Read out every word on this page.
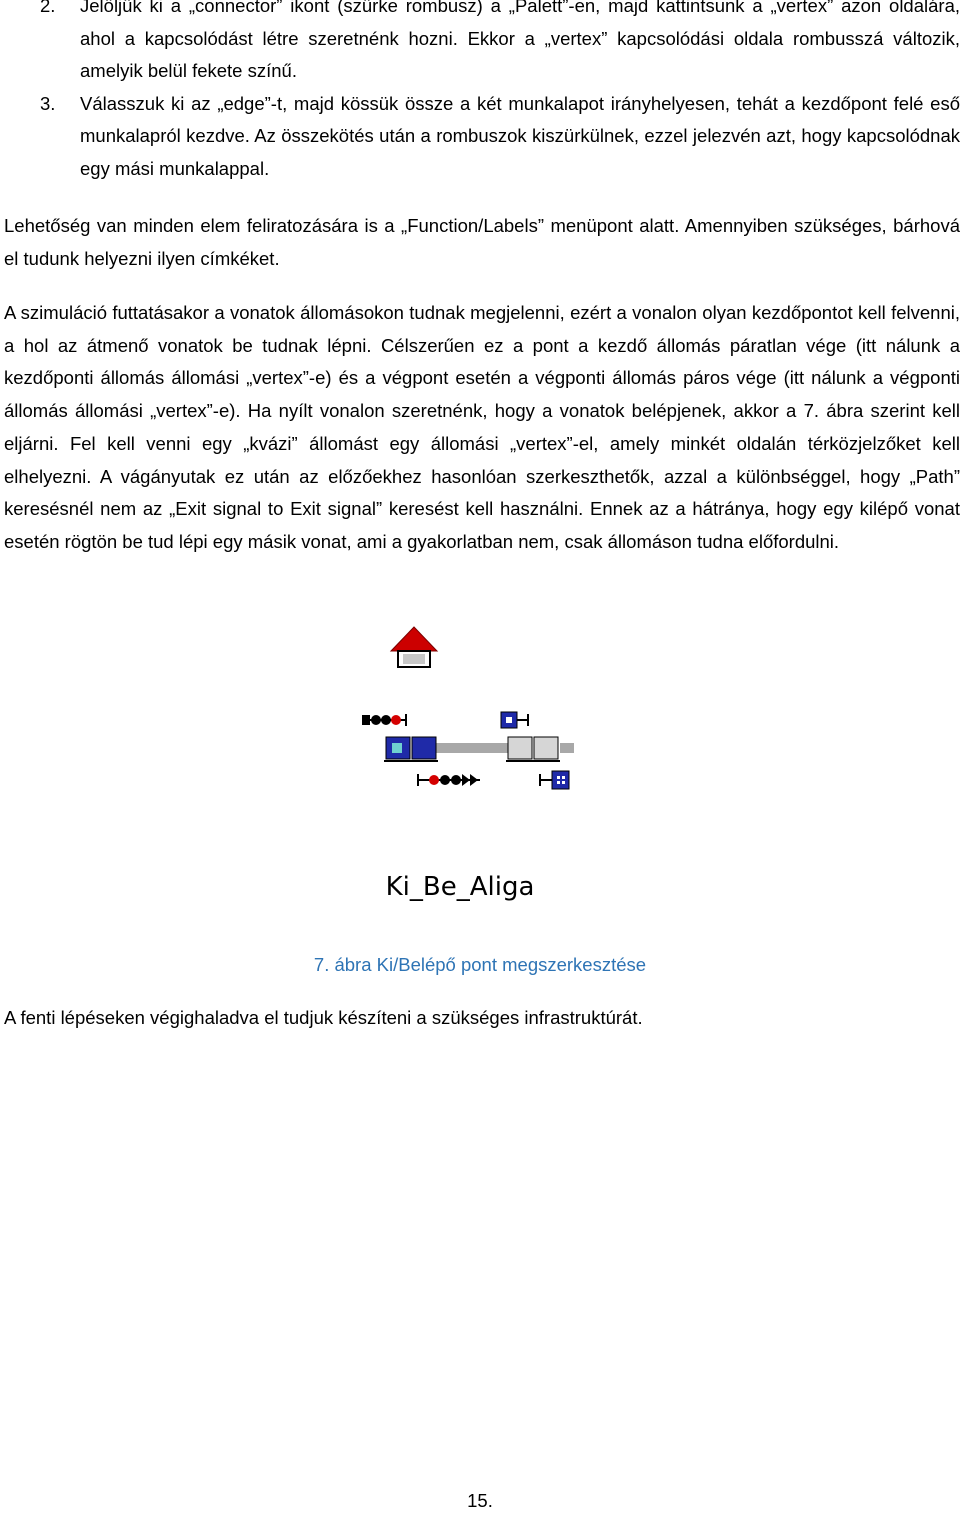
2. Jelöljük ki a „connector” ikont (szürke rombusz) a „Palett”-en, majd kattintsunk a „vertex” azon oldalára, ahol a kapcsolódást létre szeretnénk hozni. Ekkor a „vertex” kapcsolódási oldala rombusszá változik, amelyik belül fekete színű.
3. Válasszuk ki az „edge”-t, majd kössük össze a két munkalapot irányhelyesen, tehát a kezdőpont felé eső munkalapról kezdve. Az összekötés után a rombuszok kiszürkülnek, ezzel jelezvén azt, hogy kapcsolódnak egy mási munkalappal.

Lehetőség van minden elem feliratozására is a „Function/Labels” menüpont alatt. Amennyiben szükséges, bárhová el tudunk helyezni ilyen címkéket.

A szimuláció futtatásakor a vonatok állomásokon tudnak megjelenni, ezért a vonalon olyan kezdőpontot kell felvenni, a hol az átmenő vonatok be tudnak lépni. Célszerűen ez a pont a kezdő állomás páratlan vége (itt nálunk a kezdőponti állomás állomási „vertex”-e) és a végpont esetén a végponti állomás páros vége (itt nálunk a végponti állomás állomási „vertex”-e). Ha nyílt vonalon szeretnénk, hogy a vonatok belépjenek, akkor a 7. ábra szerint kell eljárni. Fel kell venni egy „kvázi” állomást egy állomási „vertex”-el, amely minkét oldalán térközjelzőket kell elhelyezni. A vágányutak ez után az előzőekhez hasonlóan szerkeszthetők, azzal a különbséggel, hogy „Path” keresésnél nem az „Exit signal to Exit signal” keresést kell használni. Ennek az a hátránya, hogy egy kilépő vonat esetén rögtön be tud lépi egy másik vonat, ami a gyakorlatban nem, csak állomáson tudna előfordulni.

Ki_Be_Aliga
7. ábra Ki/Belépő pont megszerkesztése

A fenti lépéseken végighaladva el tudjuk készíteni a szükséges infrastruktúrát.

15.
